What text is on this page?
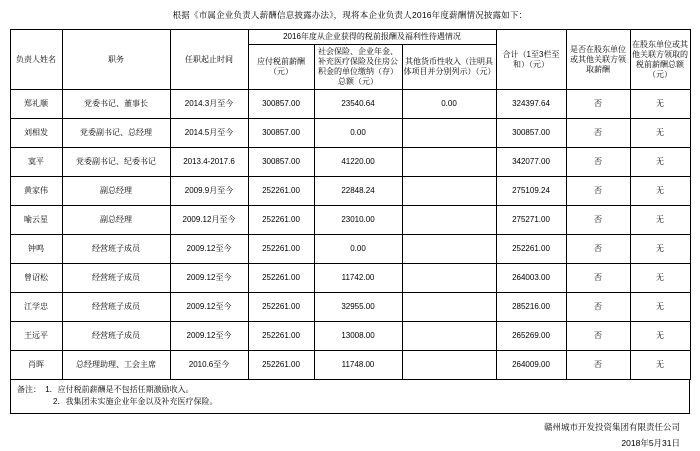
根据《市属企业负责人薪酬信息披露办法》，现将本企业负责人2016年度薪酬情况披露如下：
负责人姓名	职务	任职起止时间	2016年度从企业获得的税前报酬及福利性待遇情况			合计（1至3栏至和）（元）	是否在股东单位或其他关联方领取薪酬	在股东单位或其他关联方领取的税前薪酬总额（元）
			应付税前薪酬（元）	社会保险、企业年金、补充医疗保险及住房公积金的单位缴纳（存）总额（元）	其他货币性收入（注明具体项目并分别列示）（元）			
郑礼顺	党委书记、董事长	2014.3月至今	300857.00	23540.64	0.00	324397.64	否	无
刘相发	党委副书记、总经理	2014.5月至今	300857.00	0.00		300857.00	否	无
寞平	党委副书记、纪委书记	2013.4-2017.6	300857.00	41220.00		342077.00	否	无
黄家伟	副总经理	2009.9月至今	252261.00	22848.24		275109.24	否	无
喻云星	副总经理	2009.12月至今	252261.00	23010.00		275271.00	否	无
钟鸣	经营班子成员	2009.12至今	252261.00	0.00		252261.00	否	无
曾诏松	经营班子成员	2009.12至今	252261.00	11742.00		264003.00	否	无
江学忠	经营班子成员	2009.12至今	252261.00	32955.00		285216.00	否	无
王远平	经营班子成员	2009.12至今	252261.00	13008.00		265269.00	否	无
肖晖	总经理助理、工会主席	2010.6至今	252261.00	11748.00		264009.00	否	无
备注： 1．应付税前薪酬是不包括任期激励收入。
2．我集团未实施企业年金以及补充医疗保险。
赣州城市开发投资集团有限责任公司
2018年5月31日
